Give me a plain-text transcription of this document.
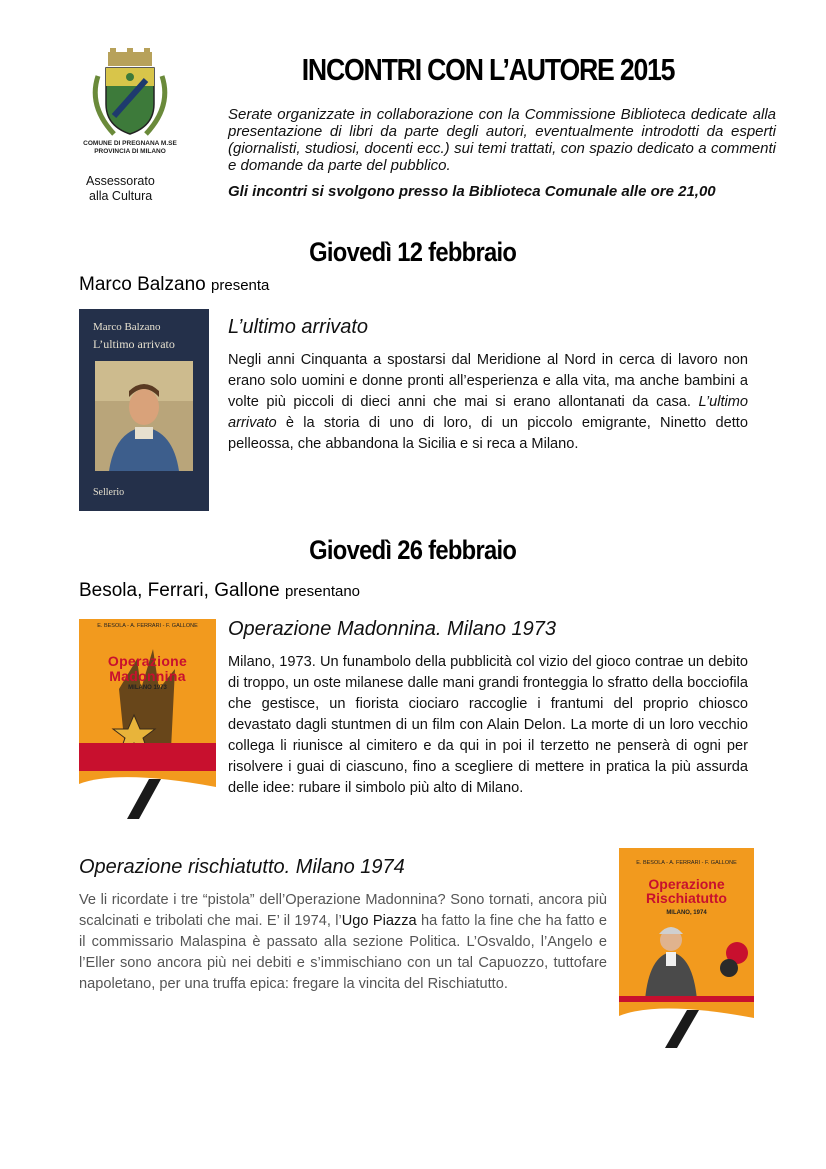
COMUNE DI PREGNANA M.SE
PROVINCIA DI MILANO
Assessorato
alla Cultura
INCONTRI CON L’AUTORE 2015
Serate organizzate in collaborazione con la Commissione Biblioteca dedicate alla presentazione di libri da parte degli autori, eventualmente introdotti da esperti (giornalisti, studiosi, docenti ecc.) sui temi trattati, con spazio dedicato a commenti e domande da parte del pubblico.
Gli incontri si svolgono presso la Biblioteca Comunale alle ore 21,00
Giovedì 12 febbraio
Marco Balzano presenta
Marco Balzano
L’ultimo arrivato
Sellerio
L’ultimo arrivato
Negli anni Cinquanta a spostarsi dal Meridione al Nord in cerca di lavoro non erano solo uomini e donne pronti all’esperienza e alla vita, ma anche bambini a volte più piccoli di dieci anni che mai si erano allontanati da casa. L’ultimo arrivato è la storia di uno di loro, di un piccolo emigrante, Ninetto detto pelleossa, che abbandona la Sicilia e si reca a Milano.
Giovedì 26 febbraio
Besola, Ferrari, Gallone presentano
E. BESOLA - A. FERRARI - F. GALLONE
Operazione
Madonnina
MILANO 1973
Operazione Madonnina. Milano 1973
Milano, 1973. Un funambolo della pubblicità col vizio del gioco contrae un debito di troppo, un oste milanese dalle mani grandi fronteggia lo sfratto della bocciofila che gestisce, un fiorista ciociaro raccoglie i frantumi del proprio chiosco devastato dagli stuntmen di un film con Alain Delon. La morte di un loro vecchio collega li riunisce al cimitero e da qui in poi il terzetto ne penserà di ogni per risolvere i guai di ciascuno, fino a scegliere di mettere in pratica la più assurda delle idee: rubare il simbolo più alto di Milano.
Operazione rischiatutto. Milano 1974
Ve li ricordate i tre “pistola” dell’Operazione Madonnina? Sono tornati, ancora più scalcinati e tribolati che mai. E’ il 1974, l’Ugo Piazza ha fatto la fine che ha fatto e il commissario Malaspina è passato alla sezione Politica. L’Osvaldo, l’Angelo e l’Eller sono ancora più nei debiti e s’immischiano con un tal Capuozzo, tuttofare napoletano, per una truffa epica: fregare la vincita del Rischiatutto.
E. BESOLA - A. FERRARI - F. GALLONE
Operazione
Rischiatutto
MILANO, 1974
